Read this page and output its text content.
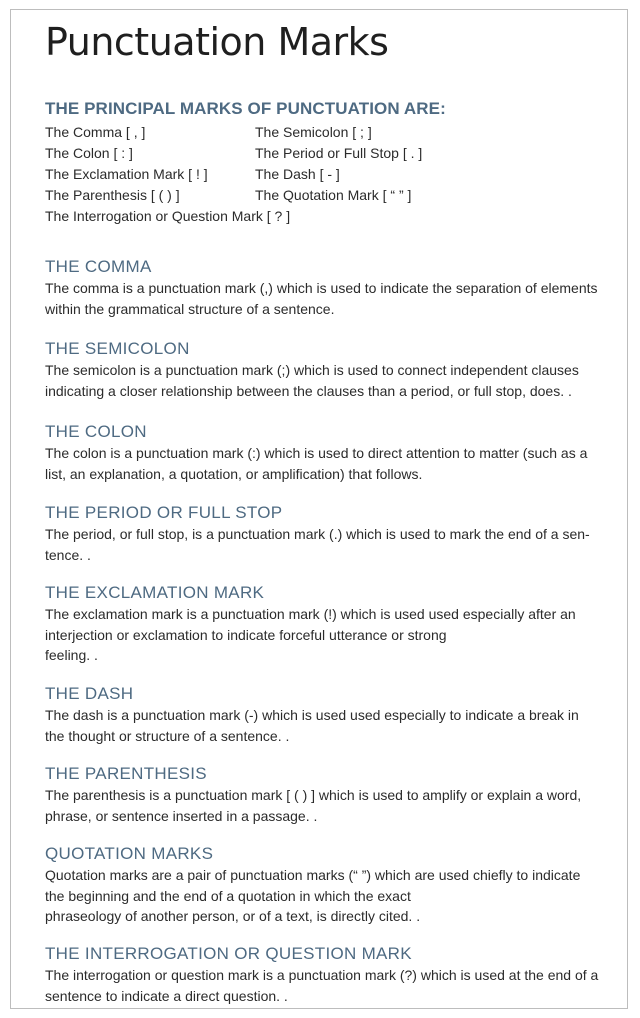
Punctuation Marks
THE PRINCIPAL MARKS OF PUNCTUATION ARE:
The Comma [ , ]	The Semicolon [ ; ]
The Colon [ : ]	The Period or Full Stop [ . ]
The Exclamation Mark [ ! ]	The Dash [ - ]
The Parenthesis [ ( ) ]	The Quotation Mark [ “ ” ]
The Interrogation or Question Mark [ ? ]

THE COMMA

The comma is a punctuation mark (,) which is used to indicate the separation of elements

within the grammatical structure of a sentence.

THE SEMICOLON

The semicolon is a punctuation mark (;) which is used to connect independent clauses

indicating a closer relationship between the clauses than a period, or full stop, does. .

THE COLON

The colon is a punctuation mark (:) which is used to direct attention to matter (such as a

list, an explanation, a quotation, or amplification) that follows.

THE PERIOD OR FULL STOP

The period, or full stop, is a punctuation mark (.) which is used to mark the end of a sen-

tence. .

THE EXCLAMATION MARK

The exclamation mark is a punctuation mark (!) which is used used especially after an

interjection or exclamation to indicate forceful utterance or strong

feeling. .

THE DASH

The dash is a punctuation mark (-) which is used used especially to indicate a break in

the thought or structure of a sentence. .

THE PARENTHESIS

The parenthesis is a punctuation mark [ ( ) ] which is used to amplify or explain a word,

phrase, or sentence inserted in a passage. .

QUOTATION MARKS

Quotation marks are a pair of punctuation marks (“ ”) which are used chiefly to indicate

the beginning and the end of a quotation in which the exact

phraseology of another person, or of a text, is directly cited. .

THE INTERROGATION OR QUESTION MARK

The interrogation or question mark is a punctuation mark (?) which is used at the end of a

sentence to indicate a direct question. .
